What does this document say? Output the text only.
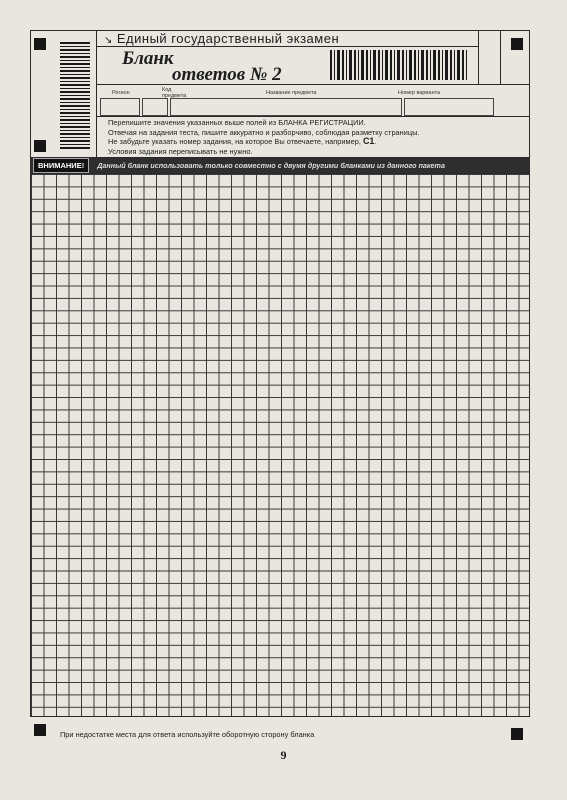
↘ Единый государственный экзамен
Бланк
ответов № 2
Регион	Код предмета	Название предмета	Номер варианта
Перепишите значения указанных выше полей из БЛАНКА РЕГИСТРАЦИИ.
Отвечая на задания теста, пишите аккуратно и разборчиво, соблюдая разметку страницы.
Не забудьте указать номер задания, на которое Вы отвечаете, например, С1.
Условия задания переписывать не нужно.
ВНИМАНИЕ!	Данный бланк использовать только совместно с двумя другими бланками из данного пакета
При недостатке места для ответа используйте оборотную сторону бланка
9
